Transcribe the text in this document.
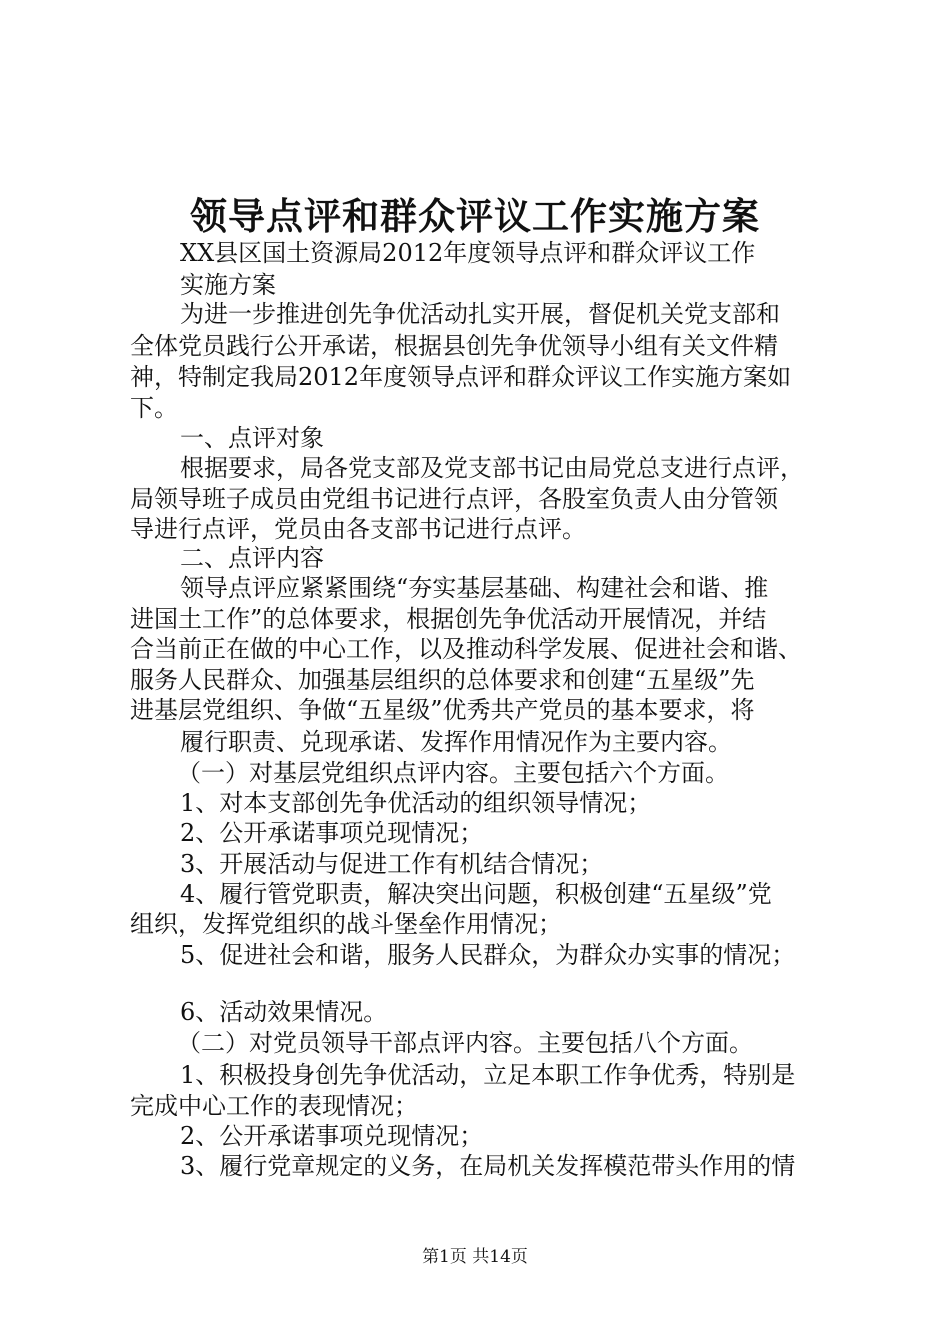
领导点评和群众评议工作实施方案
XX县区国土资源局2012年度领导点评和群众评议工作
实施方案
为进一步推进创先争优活动扎实开展，督促机关党支部和
全体党员践行公开承诺，根据县创先争优领导小组有关文件精
神，特制定我局2012年度领导点评和群众评议工作实施方案如
下。
一、点评对象
根据要求，局各党支部及党支部书记由局党总支进行点评，
局领导班子成员由党组书记进行点评，各股室负责人由分管领
导进行点评，党员由各支部书记进行点评。
二、点评内容
领导点评应紧紧围绕“夯实基层基础、构建社会和谐、推
进国土工作”的总体要求，根据创先争优活动开展情况，并结
合当前正在做的中心工作，以及推动科学发展、促进社会和谐、
服务人民群众、加强基层组织的总体要求和创建“五星级”先
进基层党组织、争做“五星级”优秀共产党员的基本要求，将
履行职责、兑现承诺、发挥作用情况作为主要内容。
（一）对基层党组织点评内容。主要包括六个方面。
1、对本支部创先争优活动的组织领导情况；
2、公开承诺事项兑现情况；
3、开展活动与促进工作有机结合情况；
4、履行管党职责，解决突出问题，积极创建“五星级”党
组织，发挥党组织的战斗堡垒作用情况；
5、促进社会和谐，服务人民群众，为群众办实事的情况；
6、活动效果情况。
（二）对党员领导干部点评内容。主要包括八个方面。
1、积极投身创先争优活动，立足本职工作争优秀，特别是
完成中心工作的表现情况；
2、公开承诺事项兑现情况；
3、履行党章规定的义务，在局机关发挥模范带头作用的情
第1页 共14页
